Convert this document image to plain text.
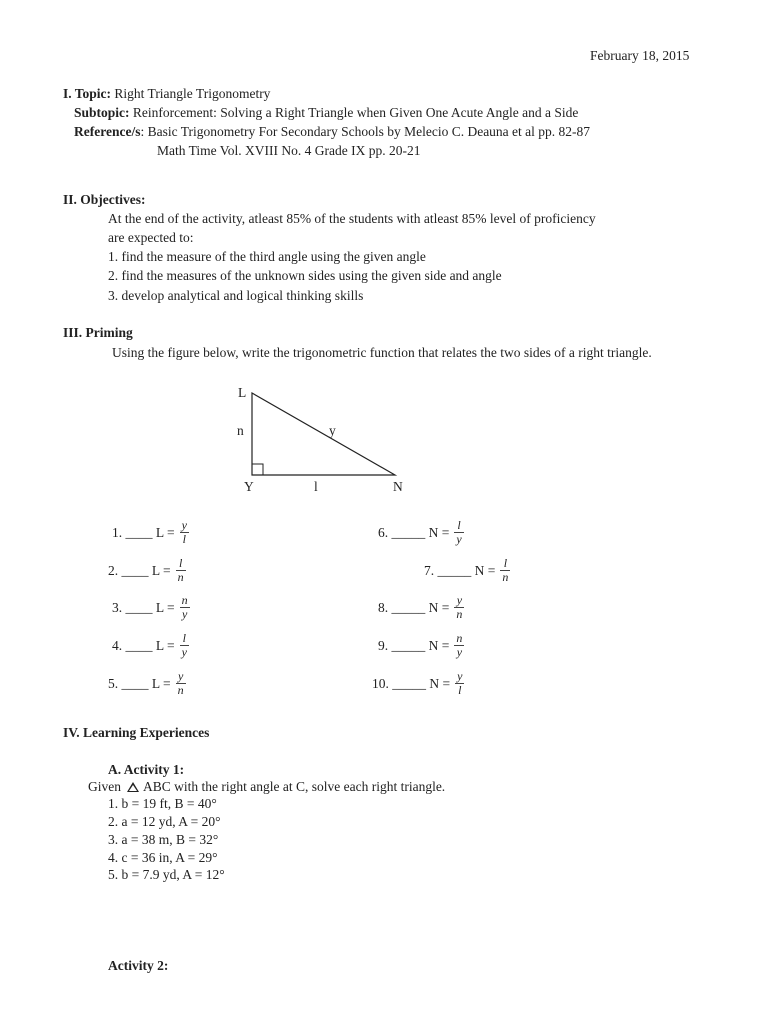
February 18, 2015
I. Topic: Right Triangle Trigonometry
Subtopic: Reinforcement: Solving a Right Triangle when Given One Acute Angle and a Side
Reference/s: Basic Trigonometry For Secondary Schools by Melecio C. Deauna et al pp. 82-87
Math Time Vol. XVIII No. 4 Grade IX pp. 20-21
II. Objectives:
At the end of the activity, atleast 85% of the students with atleast 85% level of proficiency
are expected to:
1. find the measure of the third angle using the given angle
2. find the measures of the unknown sides using the given side and angle
3. develop analytical and logical thinking skills
III. Priming
Using the figure below, write the trigonometric function that relates the two sides of a right triangle.
L
n	y
Y	l	N
1. ____ $L = \frac{y}{l}$
2. ____ $L = \frac{l}{n}$
3. ____ $L = \frac{n}{y}$
4. ____ $L = \frac{l}{y}$
5. ____ $L = \frac{y}{n}$
6. _____ $N = \frac{l}{y}$
7. _____ $N = \frac{l}{n}$
8. _____ $N = \frac{y}{n}$
9. _____ $N = \frac{n}{y}$
10. _____ $N = \frac{y}{l}$
IV. Learning Experiences
A. Activity 1:
Given ABC with the right angle at C, solve each right triangle.
1. b = 19 ft, B = 40°
2. a = 12 yd, A = 20°
3. a = 38 m, B = 32°
4. c = 36 in, A = 29°
5. b = 7.9 yd, A = 12°
Activity 2:
